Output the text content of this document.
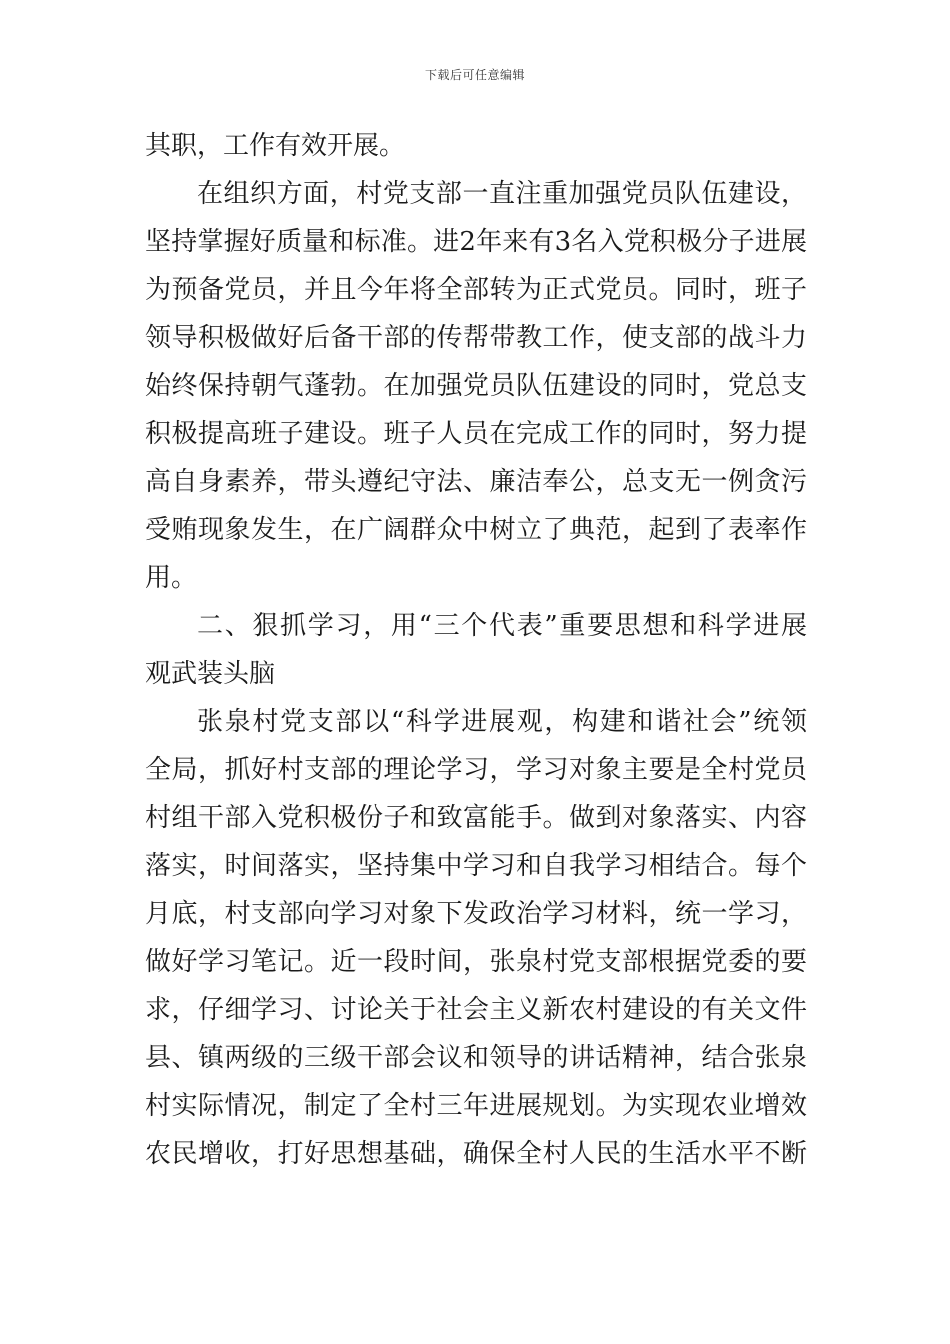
下载后可任意编辑
其职，工作有效开展。
在组织方面，村党支部一直注重加强党员队伍建设，
坚持掌握好质量和标准。进2年来有3名入党积极分子进展
为预备党员，并且今年将全部转为正式党员。同时，班子
领导积极做好后备干部的传帮带教工作，使支部的战斗力
始终保持朝气蓬勃。在加强党员队伍建设的同时，党总支
积极提高班子建设。班子人员在完成工作的同时，努力提
高自身素养，带头遵纪守法、廉洁奉公，总支无一例贪污
受贿现象发生，在广阔群众中树立了典范，起到了表率作
用。
二、狠抓学习，用“三个代表”重要思想和科学进展
观武装头脑
张泉村党支部以“科学进展观，构建和谐社会”统领
全局，抓好村支部的理论学习，学习对象主要是全村党员
村组干部入党积极份子和致富能手。做到对象落实、内容
落实，时间落实，坚持集中学习和自我学习相结合。每个
月底，村支部向学习对象下发政治学习材料，统一学习，
做好学习笔记。近一段时间，张泉村党支部根据党委的要
求，仔细学习、讨论关于社会主义新农村建设的有关文件
县、镇两级的三级干部会议和领导的讲话精神，结合张泉
村实际情况，制定了全村三年进展规划。为实现农业增效
农民增收，打好思想基础，确保全村人民的生活水平不断
